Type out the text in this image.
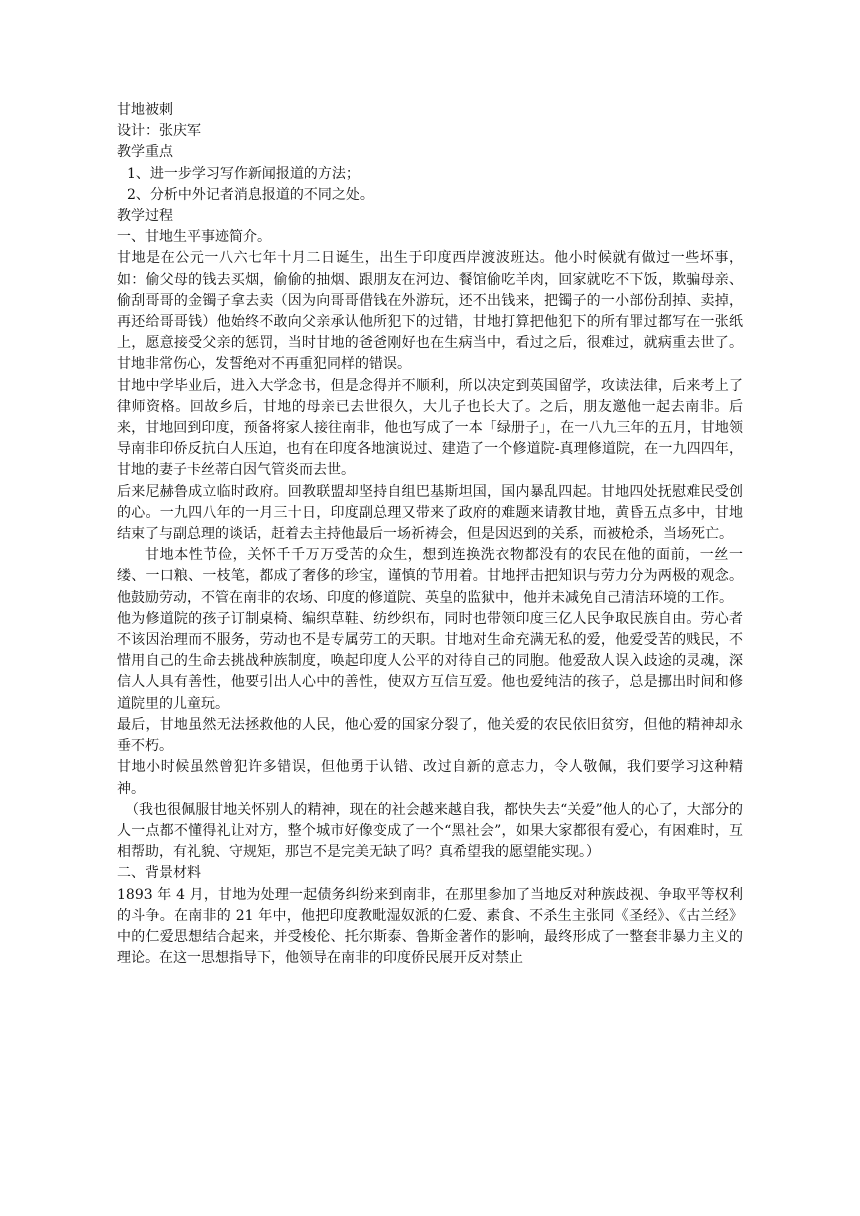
甘地被刺

设计：张庆军

教学重点

1、进一步学习写作新闻报道的方法；

2、分析中外记者消息报道的不同之处。

教学过程

一、甘地生平事迹简介。

甘地是在公元一八六七年十月二日诞生，出生于印度西岸渡波班达。他小时候就有做过一些坏事，如：偷父母的钱去买烟，偷偷的抽烟、跟朋友在河边、餐馆偷吃羊肉，回家就吃不下饭，欺骗母亲、偷刮哥哥的金镯子拿去卖（因为向哥哥借钱在外游玩，还不出钱来，把镯子的一小部份刮掉、卖掉，再还给哥哥钱）他始终不敢向父亲承认他所犯下的过错，甘地打算把他犯下的所有罪过都写在一张纸上，愿意接受父亲的惩罚，当时甘地的爸爸刚好也在生病当中，看过之后，很难过，就病重去世了。甘地非常伤心，发誓绝对不再重犯同样的错误。

甘地中学毕业后，进入大学念书，但是念得并不顺利，所以决定到英国留学，攻读法律，后来考上了律师资格。回故乡后，甘地的母亲已去世很久，大儿子也长大了。之后，朋友邀他一起去南非。后来，甘地回到印度，预备将家人接往南非，他也写成了一本「绿册子」，在一八九三年的五月，甘地领导南非印侨反抗白人压迫，也有在印度各地演说过、建造了一个修道院-真理修道院，在一九四四年，甘地的妻子卡丝蒂白因气管炎而去世。

后来尼赫鲁成立临时政府。回教联盟却坚持自组巴基斯坦国，国内暴乱四起。甘地四处抚慰难民受创的心。一九四八年的一月三十日，印度副总理又带来了政府的难题来请教甘地，黄昏五点多中，甘地结束了与副总理的谈话，赶着去主持他最后一场祈祷会，但是因迟到的关系，而被枪杀，当场死亡。

甘地本性节俭，关怀千千万万受苦的众生，想到连换洗衣物都没有的农民在他的面前，一丝一缕、一口粮、一枝笔，都成了奢侈的珍宝，谨慎的节用着。甘地抨击把知识与劳力分为两极的观念。他鼓励劳动，不管在南非的农场、印度的修道院、英皇的监狱中，他并未减免自己清洁环境的工作。

他为修道院的孩子订制桌椅、编织草鞋、纺纱织布，同时也带领印度三亿人民争取民族自由。劳心者不该因治理而不服务，劳动也不是专属劳工的天职。甘地对生命充满无私的爱，他爱受苦的贱民，不惜用自己的生命去挑战种族制度，唤起印度人公平的对待自己的同胞。他爱敌人误入歧途的灵魂，深信人人具有善性，他要引出人心中的善性，使双方互信互爱。他也爱纯洁的孩子，总是挪出时间和修道院里的儿童玩。

最后，甘地虽然无法拯救他的人民，他心爱的国家分裂了，他关爱的农民依旧贫穷，但他的精神却永垂不朽。

甘地小时候虽然曾犯许多错误，但他勇于认错、改过自新的意志力，令人敬佩，我们要学习这种精神。

（我也很佩服甘地关怀别人的精神，现在的社会越来越自我，都快失去“关爱”他人的心了，大部分的人一点都不懂得礼让对方，整个城市好像变成了一个“黑社会”，如果大家都很有爱心，有困难时，互相帮助，有礼貌、守规矩，那岂不是完美无缺了吗？真希望我的愿望能实现。）

二、背景材料

1893 年 4 月，甘地为处理一起债务纠纷来到南非，在那里参加了当地反对种族歧视、争取平等权利的斗争。在南非的 21 年中，他把印度教毗湿奴派的仁爱、素食、不杀生主张同《圣经》、《古兰经》中的仁爱思想结合起来，并受梭伦、托尔斯泰、鲁斯金著作的影响，最终形成了一整套非暴力主义的理论。在这一思想指导下，他领导在南非的印度侨民展开反对禁止
